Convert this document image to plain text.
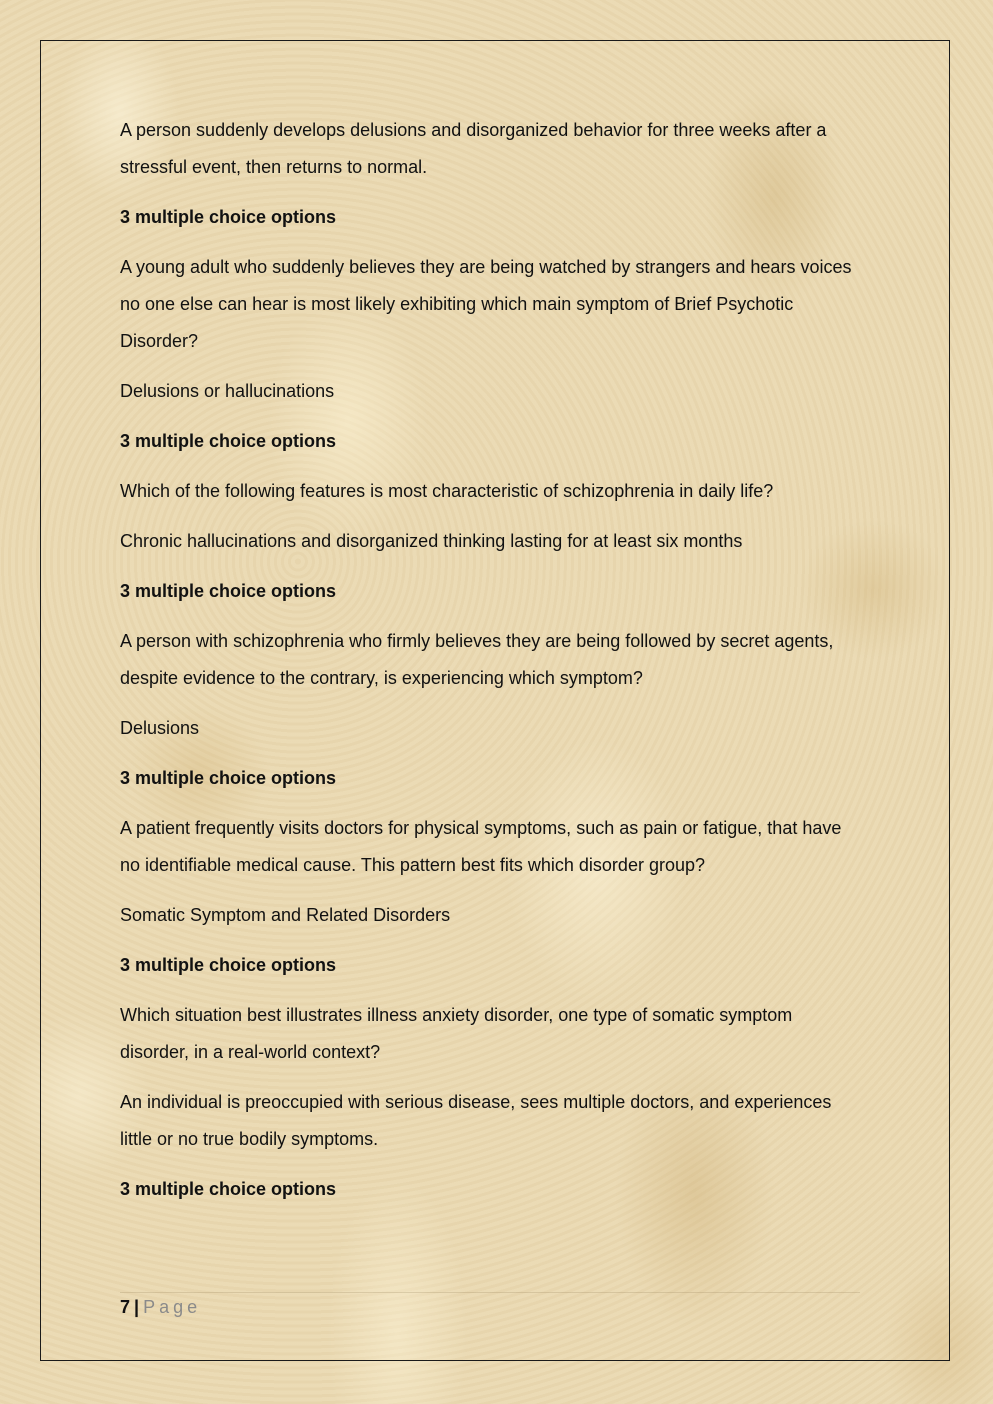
A person suddenly develops delusions and disorganized behavior for three weeks after a stressful event, then returns to normal.

3 multiple choice options

A young adult who suddenly believes they are being watched by strangers and hears voices no one else can hear is most likely exhibiting which main symptom of Brief Psychotic Disorder?

Delusions or hallucinations

3 multiple choice options

Which of the following features is most characteristic of schizophrenia in daily life?

Chronic hallucinations and disorganized thinking lasting for at least six months

3 multiple choice options

A person with schizophrenia who firmly believes they are being followed by secret agents, despite evidence to the contrary, is experiencing which symptom?

Delusions

3 multiple choice options

A patient frequently visits doctors for physical symptoms, such as pain or fatigue, that have no identifiable medical cause. This pattern best fits which disorder group?

Somatic Symptom and Related Disorders

3 multiple choice options

Which situation best illustrates illness anxiety disorder, one type of somatic symptom disorder, in a real-world context?

An individual is preoccupied with serious disease, sees multiple doctors, and experiences little or no true bodily symptoms.

3 multiple choice options

7 | Page
